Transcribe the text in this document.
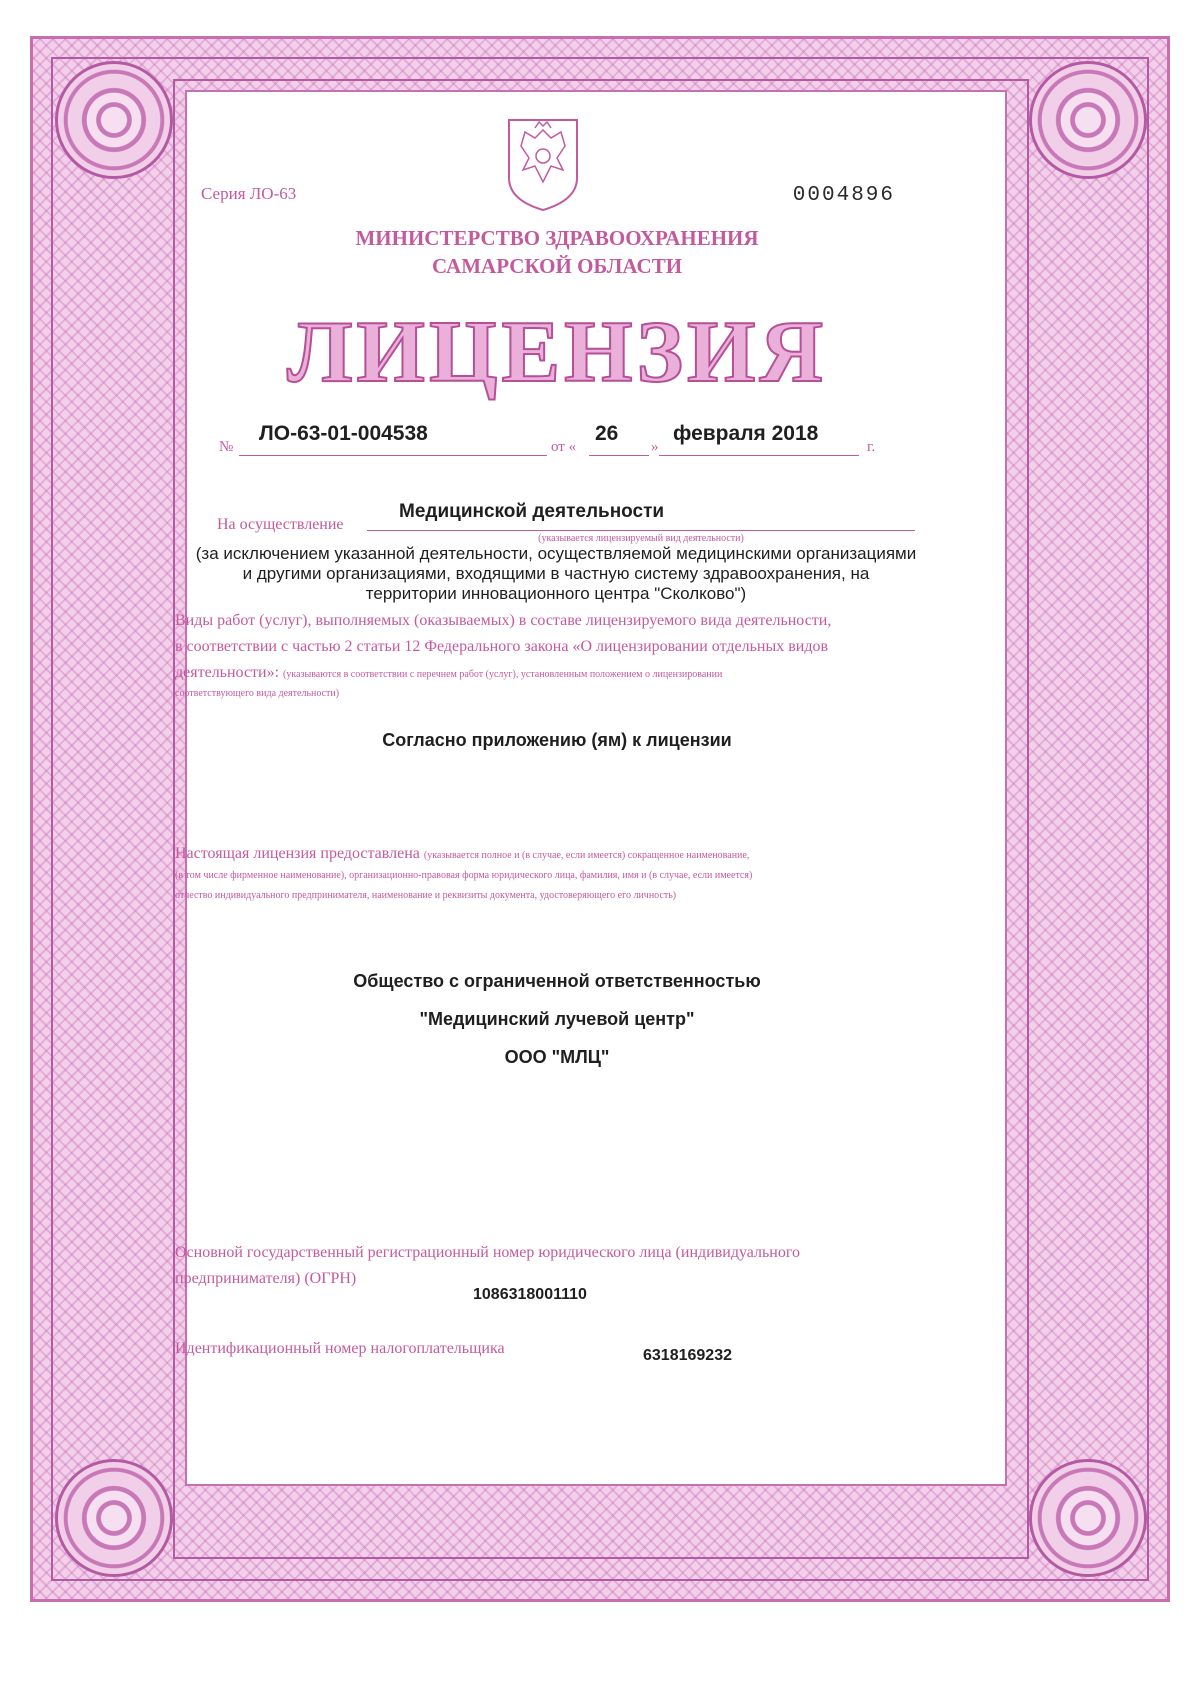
Серия ЛО-63	0004896
МИНИСТЕРСТВО ЗДРАВООХРАНЕНИЯ
САМАРСКОЙ ОБЛАСТИ
ЛИЦЕНЗИЯ
№
ЛО-63-01-004538
от «
26
»
февраля 2018
г.
На осуществление
Медицинской деятельности
(указывается лицензируемый вид деятельности)
(за исключением указанной деятельности, осуществляемой медицинскими организациями
и другими организациями, входящими в частную систему здравоохранения, на
территории инновационного центра "Сколково")
Виды работ (услуг), выполняемых (оказываемых) в составе лицензируемого вида деятельности,
в соответствии с частью 2 статьи 12 Федерального закона «О лицензировании отдельных видов
деятельности»: (указываются в соответствии с перечнем работ (услуг), установленным положением о лицензировании
соответствующего вида деятельности)
Согласно приложению (ям) к лицензии
Настоящая лицензия предоставлена (указывается полное и (в случае, если имеется) сокращенное наименование,
(в том числе фирменное наименование), организационно-правовая форма юридического лица, фамилия, имя и (в случае, если имеется)
отчество индивидуального предпринимателя, наименование и реквизиты документа, удостоверяющего его личность)
Общество с ограниченной ответственностью
"Медицинский лучевой центр"
ООО "МЛЦ"
Основной государственный регистрационный номер юридического лица (индивидуального
предпринимателя) (ОГРН)
1086318001110
Идентификационный номер налогоплательщика	6318169232
